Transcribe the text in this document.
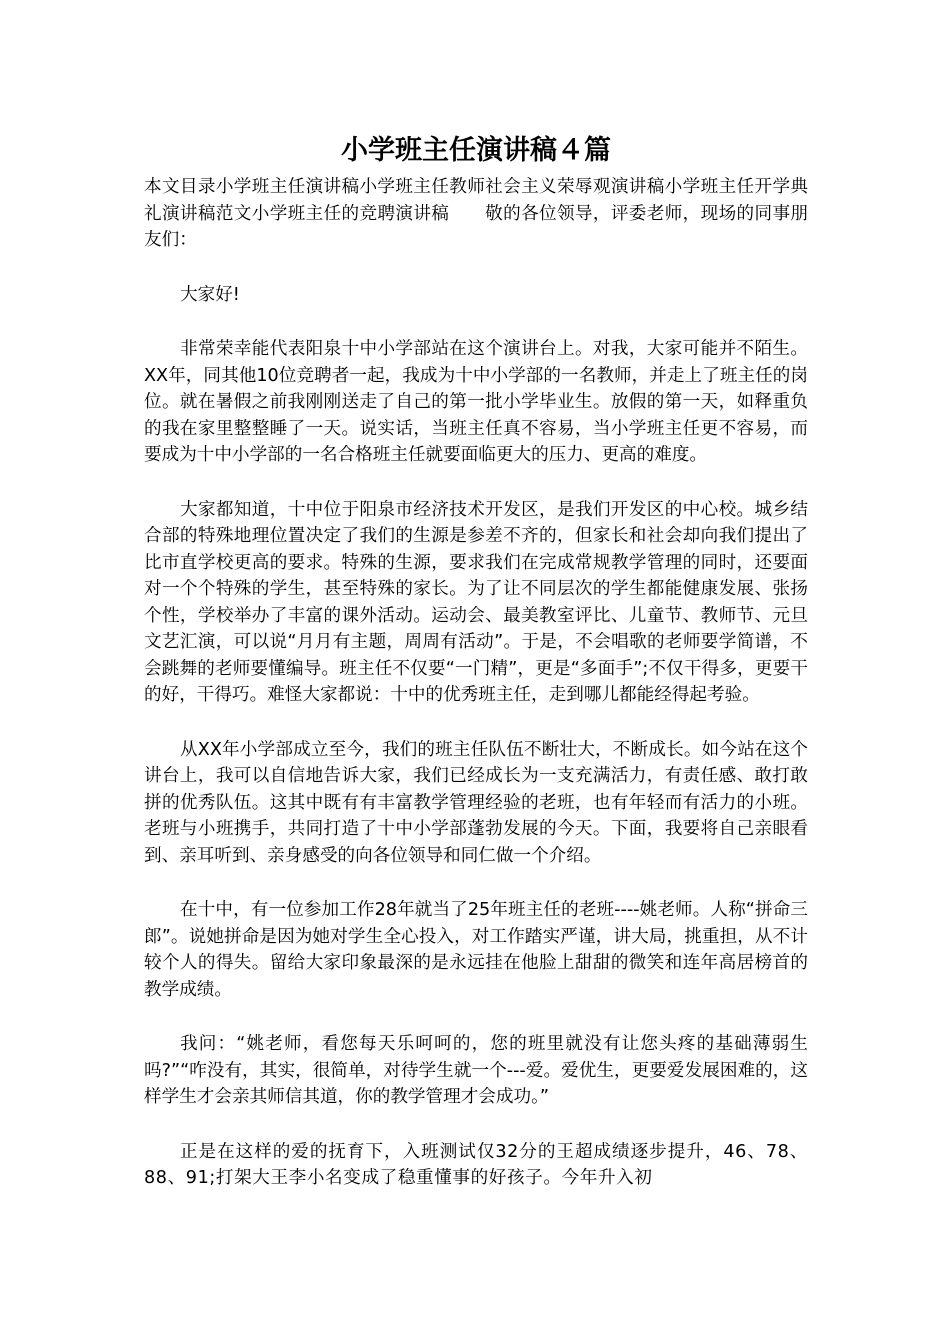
小学班主任演讲稿４篇

本文目录小学班主任演讲稿小学班主任教师社会主义荣辱观演讲稿小学班主任开学典礼演讲稿范文小学班主任的竞聘演讲稿　　敬的各位领导，评委老师，现场的同事朋友们：

大家好!

非常荣幸能代表阳泉十中小学部站在这个演讲台上。对我，大家可能并不陌生。XX年，同其他10位竞聘者一起，我成为十中小学部的一名教师，并走上了班主任的岗位。就在暑假之前我刚刚送走了自己的第一批小学毕业生。放假的第一天，如释重负的我在家里整整睡了一天。说实话，当班主任真不容易，当小学班主任更不容易，而要成为十中小学部的一名合格班主任就要面临更大的压力、更高的难度。

大家都知道，十中位于阳泉市经济技术开发区，是我们开发区的中心校。城乡结合部的特殊地理位置决定了我们的生源是参差不齐的，但家长和社会却向我们提出了比市直学校更高的要求。特殊的生源，要求我们在完成常规教学管理的同时，还要面对一个个特殊的学生，甚至特殊的家长。为了让不同层次的学生都能健康发展、张扬个性，学校举办了丰富的课外活动。运动会、最美教室评比、儿童节、教师节、元旦文艺汇演，可以说“月月有主题，周周有活动”。于是，不会唱歌的老师要学简谱，不会跳舞的老师要懂编导。班主任不仅要“一门精”，更是“多面手”;不仅干得多，更要干的好，干得巧。难怪大家都说：十中的优秀班主任，走到哪儿都能经得起考验。

从XX年小学部成立至今，我们的班主任队伍不断壮大，不断成长。如今站在这个讲台上，我可以自信地告诉大家，我们已经成长为一支充满活力，有责任感、敢打敢拼的优秀队伍。这其中既有有丰富教学管理经验的老班，也有年轻而有活力的小班。老班与小班携手，共同打造了十中小学部蓬勃发展的今天。下面，我要将自己亲眼看到、亲耳听到、亲身感受的向各位领导和同仁做一个介绍。

在十中，有一位参加工作28年就当了25年班主任的老班----姚老师。人称“拼命三郎”。说她拼命是因为她对学生全心投入，对工作踏实严谨，讲大局，挑重担，从不计较个人的得失。留给大家印象最深的是永远挂在他脸上甜甜的微笑和连年高居榜首的教学成绩。

我问：“姚老师，看您每天乐呵呵的，您的班里就没有让您头疼的基础薄弱生吗?”“咋没有，其实，很简单，对待学生就一个---爱。爱优生，更要爱发展困难的，这样学生才会亲其师信其道，你的教学管理才会成功。”

正是在这样的爱的抚育下，入班测试仅32分的王超成绩逐步提升，46、78、88、91;打架大王李小名变成了稳重懂事的好孩子。今年升入初
